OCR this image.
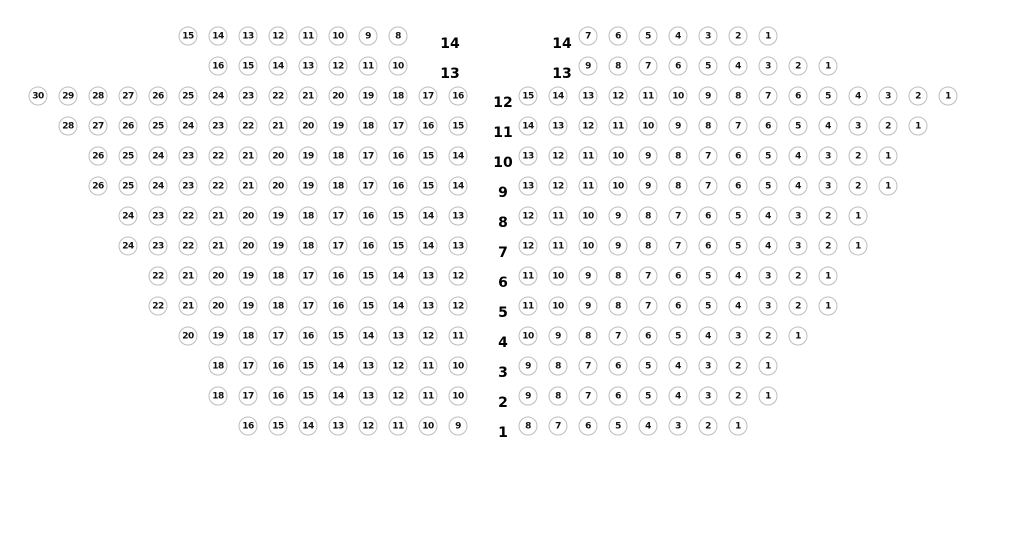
14	14
15	14	13	12	11	10	9	8	7	6	5	4	3	2	1
13	13
16	15	14	13	12	11	10	9	8	7	6	5	4	3	2	1
12
30	29	28	27	26	25	24	23	22	21	20	19	18	17	16	15	14	13	12	11	10	9	8	7	6	5	4	3	2	1
11
28	27	26	25	24	23	22	21	20	19	18	17	16	15	14	13	12	11	10	9	8	7	6	5	4	3	2	1
10
26	25	24	23	22	21	20	19	18	17	16	15	14	13	12	11	10	9	8	7	6	5	4	3	2	1
9
26	25	24	23	22	21	20	19	18	17	16	15	14	13	12	11	10	9	8	7	6	5	4	3	2	1
8
24	23	22	21	20	19	18	17	16	15	14	13	12	11	10	9	8	7	6	5	4	3	2	1
7
24	23	22	21	20	19	18	17	16	15	14	13	12	11	10	9	8	7	6	5	4	3	2	1
6
22	21	20	19	18	17	16	15	14	13	12	11	10	9	8	7	6	5	4	3	2	1
5
22	21	20	19	18	17	16	15	14	13	12	11	10	9	8	7	6	5	4	3	2	1
4
20	19	18	17	16	15	14	13	12	11	10	9	8	7	6	5	4	3	2	1
3
18	17	16	15	14	13	12	11	10	9	8	7	6	5	4	3	2	1
2
18	17	16	15	14	13	12	11	10	9	8	7	6	5	4	3	2	1
1
16	15	14	13	12	11	10	9	8	7	6	5	4	3	2	1
